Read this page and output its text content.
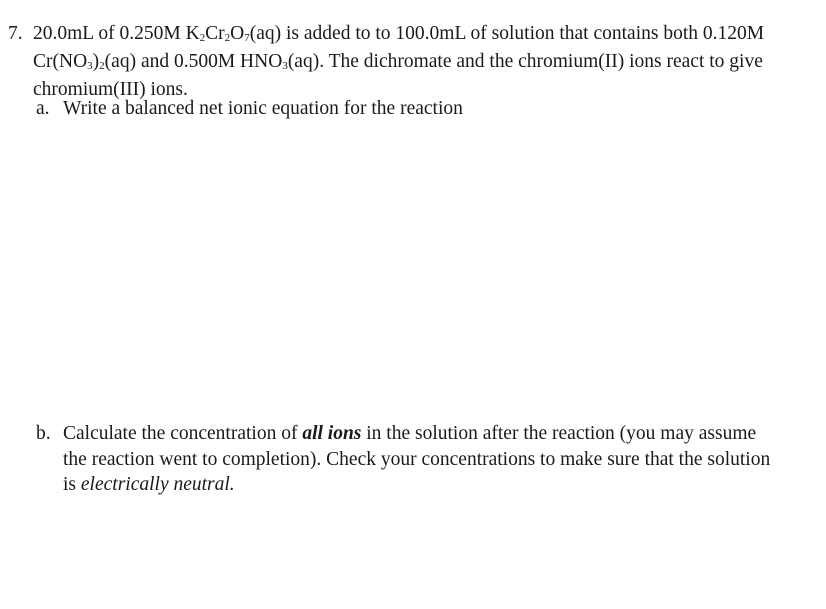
7. 20.0mL of 0.250M $K_2Cr_2O_7(aq)$ is added to to 100.0mL of solution that contains both 0.120M $Cr(NO_3)_2(aq)$ and 0.500M $HNO_3(aq)$. The dichromate and the chromium(II) ions react to give chromium(III) ions.
a. Write a balanced net ionic equation for the reaction
b. Calculate the concentration of all ions in the solution after the reaction (you may assume the reaction went to completion). Check your concentrations to make sure that the solution is electrically neutral.
